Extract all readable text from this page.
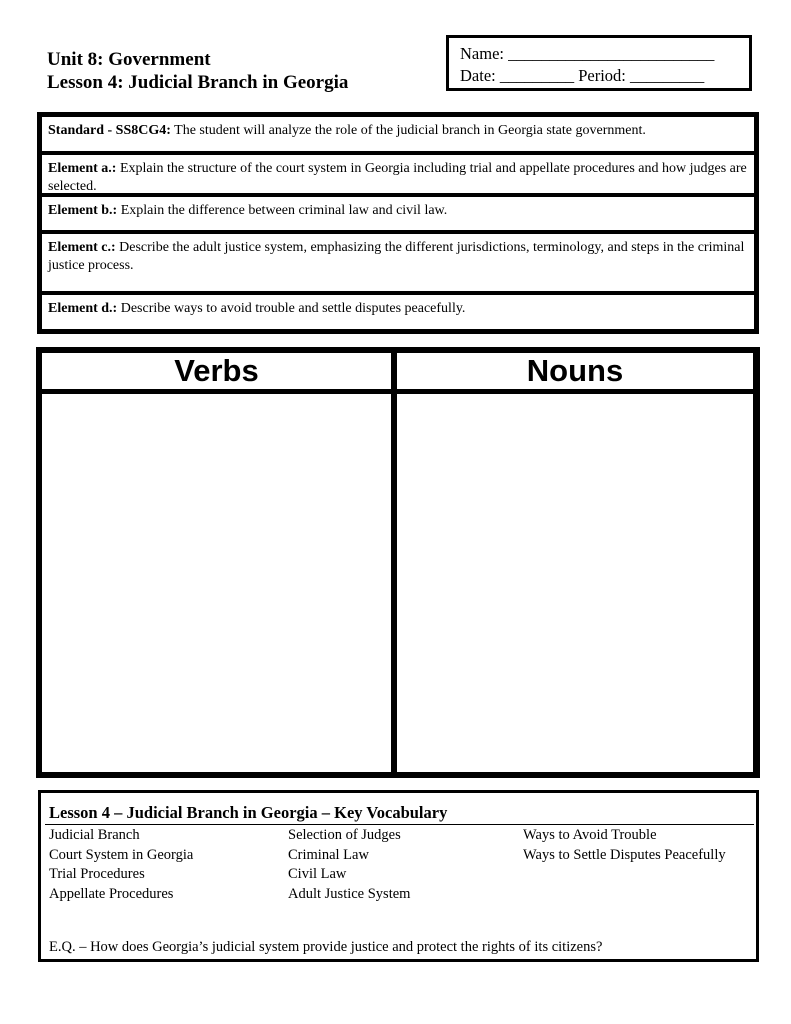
Unit 8: Government
Lesson 4: Judicial Branch in Georgia
Name: _________________________
Date: _________ Period: _________
Standard - SS8CG4: The student will analyze the role of the judicial branch in Georgia state government.
Element a.: Explain the structure of the court system in Georgia including trial and appellate procedures and how judges are selected.
Element b.: Explain the difference between criminal law and civil law.
Element c.: Describe the adult justice system, emphasizing the different jurisdictions, terminology, and steps in the criminal justice process.
Element d.: Describe ways to avoid trouble and settle disputes peacefully.
Verbs	Nouns
Lesson 4 – Judicial Branch in Georgia – Key Vocabulary
Judicial Branch
Court System in Georgia
Trial Procedures
Appellate Procedures
Selection of Judges
Criminal Law
Civil Law
Adult Justice System
Ways to Avoid Trouble
Ways to Settle Disputes Peacefully
E.Q. – How does Georgia’s judicial system provide justice and protect the rights of its citizens?
